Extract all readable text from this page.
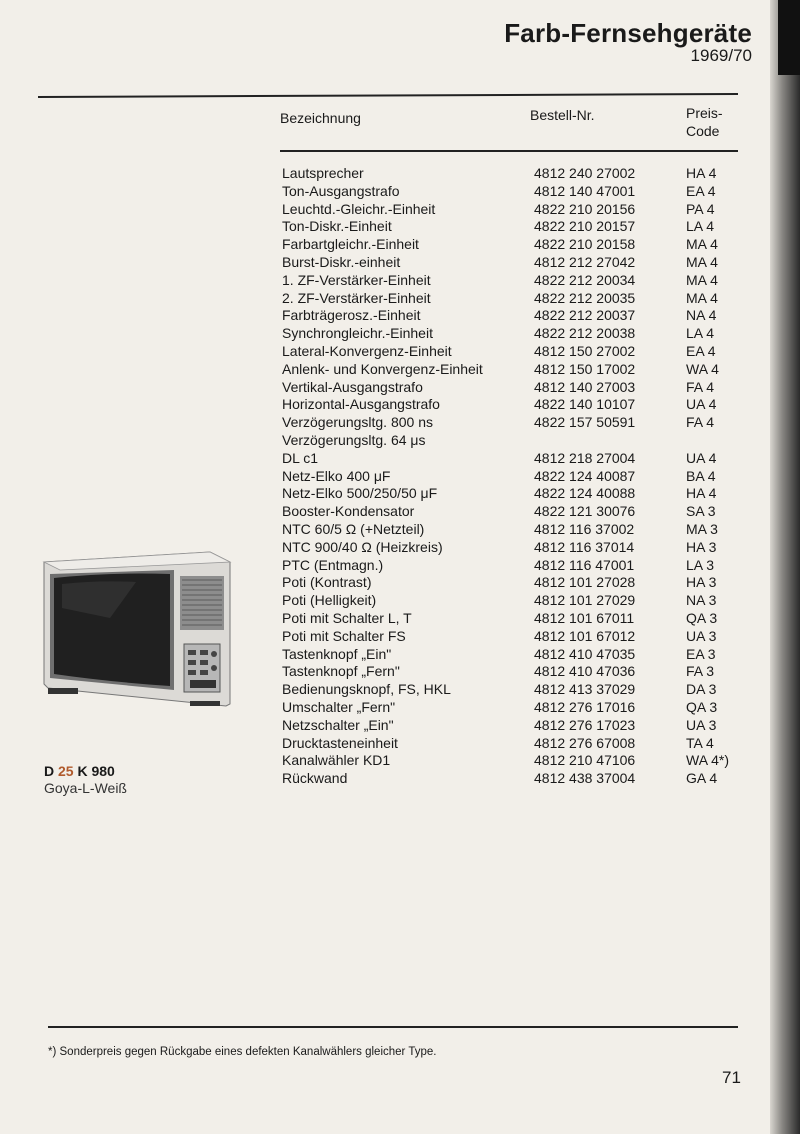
Farb-Fernsehgeräte
1969/70
Bezeichnung	Bestell-Nr.	Preis-
Code
Lautsprecher	4812 240 27002	HA 4
Ton-Ausgangstrafo	4812 140 47001	EA 4
Leuchtd.-Gleichr.-Einheit	4822 210 20156	PA 4
Ton-Diskr.-Einheit	4822 210 20157	LA 4
Farbartgleichr.-Einheit	4822 210 20158	MA 4
Burst-Diskr.-einheit	4812 212 27042	MA 4
1. ZF-Verstärker-Einheit	4822 212 20034	MA 4
2. ZF-Verstärker-Einheit	4822 212 20035	MA 4
Farbträgerosz.-Einheit	4822 212 20037	NA 4
Synchrongleichr.-Einheit	4822 212 20038	LA 4
Lateral-Konvergenz-Einheit	4812 150 27002	EA 4
Anlenk- und Konvergenz-Einheit	4812 150 17002	WA 4
Vertikal-Ausgangstrafo	4812 140 27003	FA 4
Horizontal-Ausgangstrafo	4822 140 10107	UA 4
Verzögerungsltg. 800 ns	4822 157 50591	FA 4
Verzögerungsltg. 64 μs
DL c1	4812 218 27004	UA 4
Netz-Elko 400 μF	4822 124 40087	BA 4
Netz-Elko 500/250/50 μF	4822 124 40088	HA 4
Booster-Kondensator	4822 121 30076	SA 3
NTC 60/5 Ω (+Netzteil)	4812 116 37002	MA 3
NTC 900/40 Ω (Heizkreis)	4812 116 37014	HA 3
PTC (Entmagn.)	4812 116 47001	LA 3
Poti (Kontrast)	4812 101 27028	HA 3
Poti (Helligkeit)	4812 101 27029	NA 3
Poti mit Schalter L, T	4812 101 67011	QA 3
Poti mit Schalter FS	4812 101 67012	UA 3
Tastenknopf „Ein"	4812 410 47035	EA 3
Tastenknopf „Fern"	4812 410 47036	FA 3
Bedienungsknopf, FS, HKL	4812 413 37029	DA 3
Umschalter „Fern"	4812 276 17016	QA 3
Netzschalter „Ein"	4812 276 17023	UA 3
Drucktasteneinheit	4812 276 67008	TA 4
Kanalwähler KD1	4812 210 47106	WA 4*)
Rückwand	4812 438 37004	GA 4
D 25 K 980
Goya-L-Weiß
*) Sonderpreis gegen Rückgabe eines defekten Kanalwählers gleicher Type.
71
